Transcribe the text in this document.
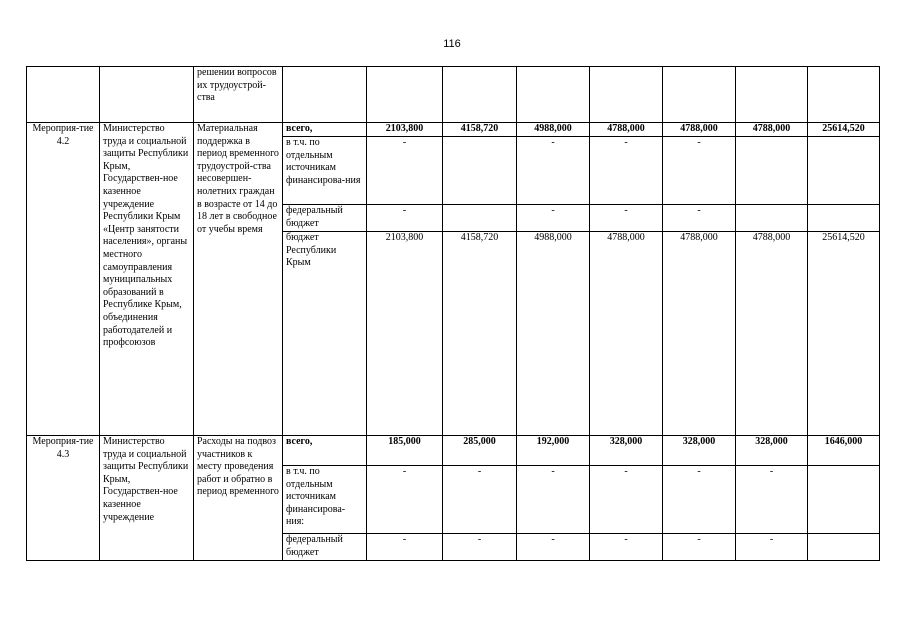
116
		решении вопросов их трудоустрой-ства								
Мероприя-тие 4.2	Министерство труда и социальной защиты Республики Крым, Государствен-ное казенное учреждение Республики Крым «Центр занятости населения», органы местного самоуправления муниципальных образований в Республике Крым, объединения работодателей и профсоюзов	Материальная поддержка в период временного трудоустрой-ства несовершен-нолетних граждан в возрасте от 14 до 18 лет в свободное от учебы время	всего,	2103,800	4158,720	4988,000	4788,000	4788,000	4788,000	25614,520
			в т.ч. по отдельным источникам финансирова-ния	-		-	-	-		
			федеральный бюджет	-		-	-	-		
			бюджет Республики Крым	2103,800	4158,720	4988,000	4788,000	4788,000	4788,000	25614,520
Мероприя-тие 4.3	Министерство труда и социальной защиты Республики Крым, Государствен-ное казенное учреждение	Расходы на подвоз участников к месту проведения работ и обратно в период временного	всего,	185,000	285,000	192,000	328,000	328,000	328,000	1646,000
			в т.ч. по отдельным источникам финансирова-ния:	-	-	-	-	-	-	
			федеральный бюджет	-	-	-	-	-	-	
